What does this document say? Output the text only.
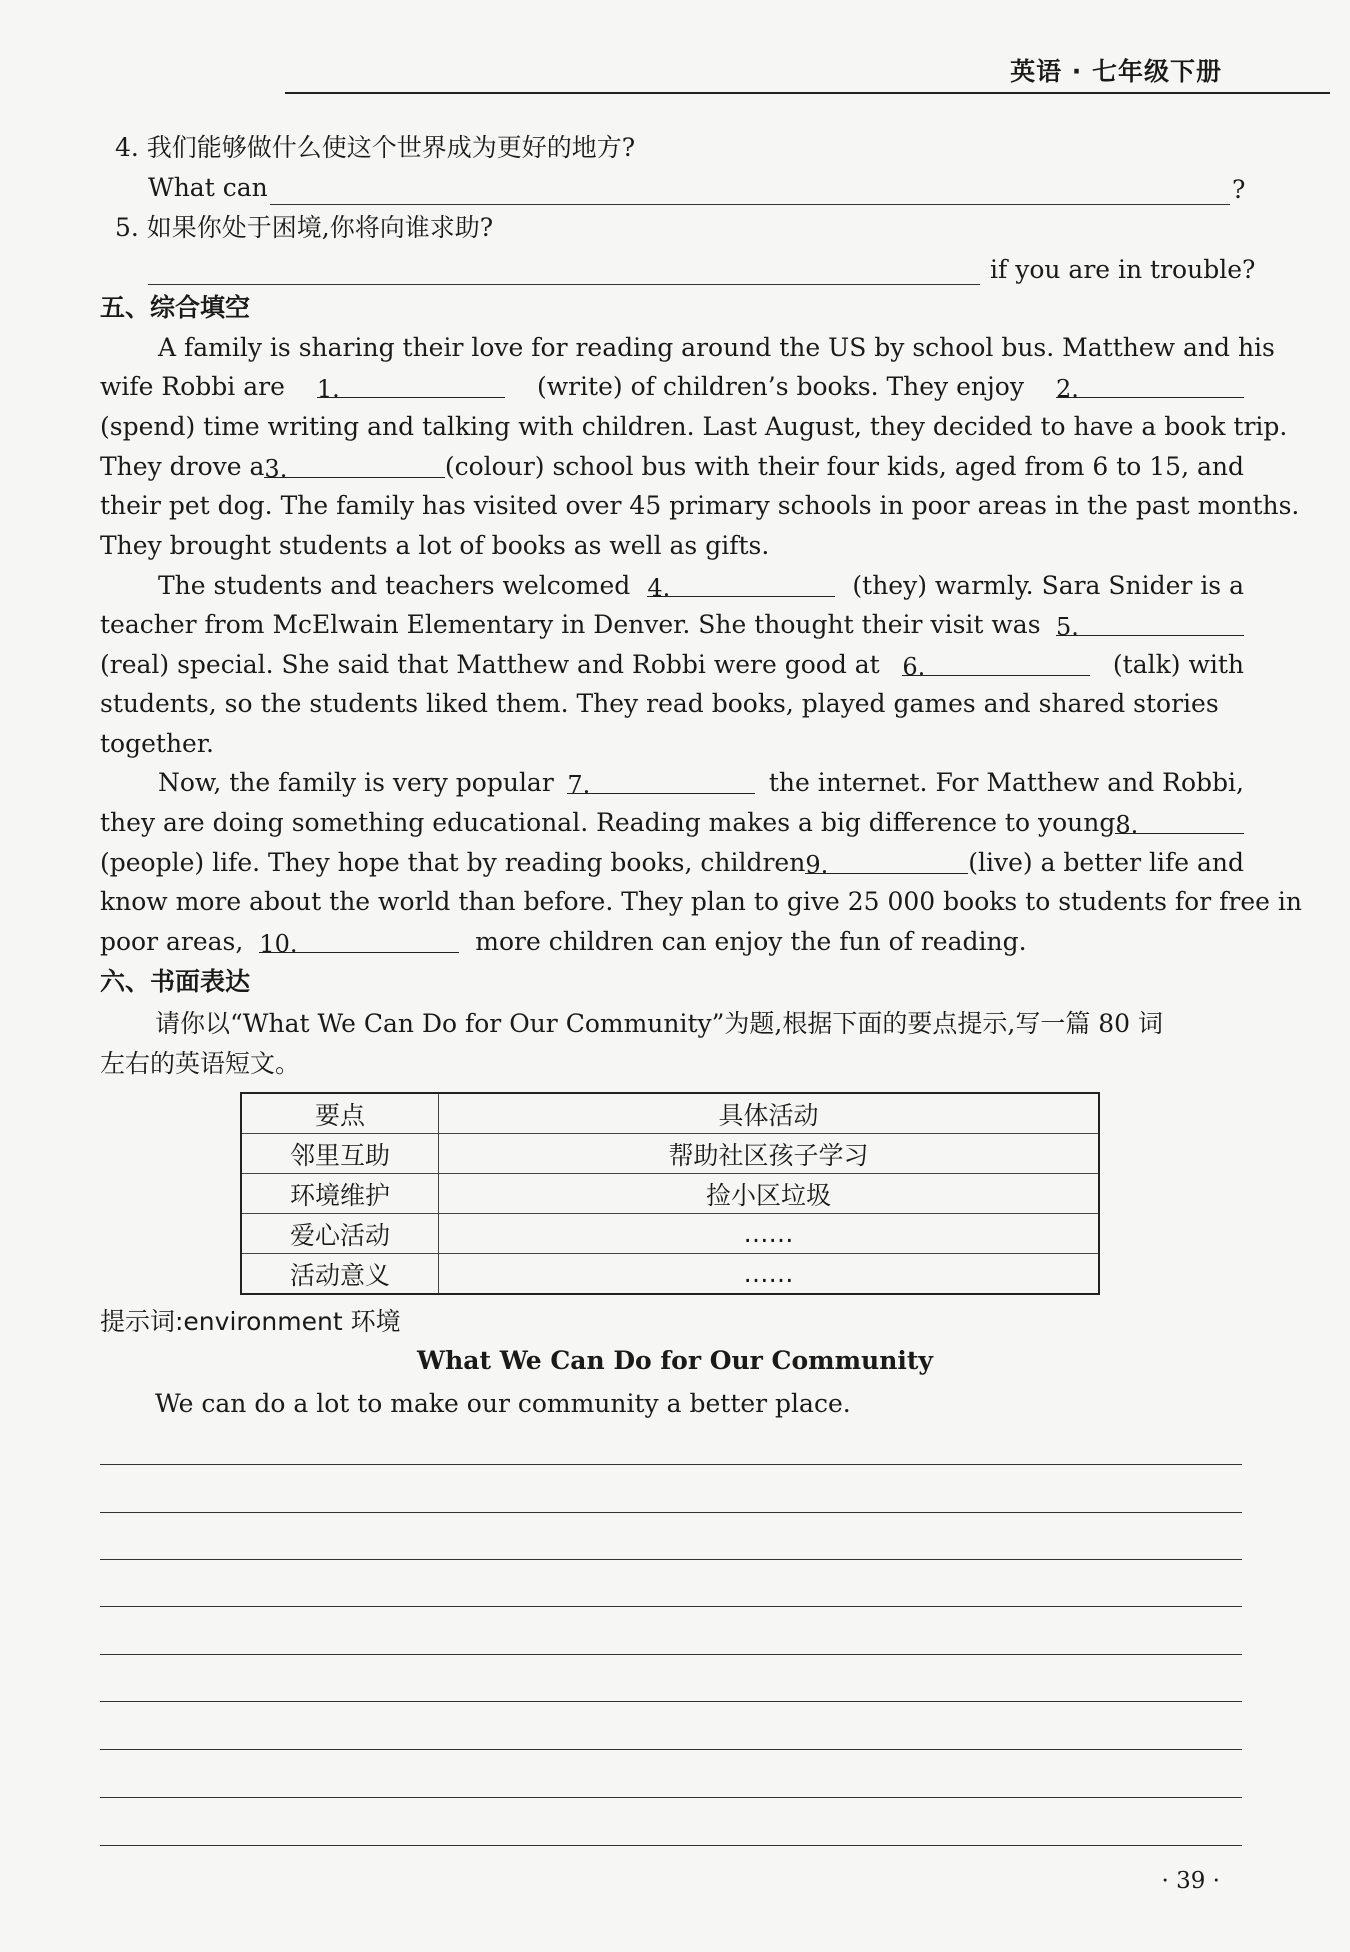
英语 · 七年级下册
4. 我们能够做什么使这个世界成为更好的地方?
What can	?
5. 如果你处于困境,你将向谁求助?
if you are in trouble?
五、综合填空
A family is sharing their love for reading around the US by school bus. Matthew and his
wife Robbi are 1.	(write) of children’s books. They enjoy 2.
(spend) time writing and talking with children. Last August, they decided to have a book trip.
They drove a 3.	(colour) school bus with their four kids, aged from 6 to 15, and
their pet dog. The family has visited over 45 primary schools in poor areas in the past months.
They brought students a lot of books as well as gifts.
The students and teachers welcomed 4.	(they) warmly. Sara Snider is a
teacher from McElwain Elementary in Denver. She thought their visit was 5.
(real) special. She said that Matthew and Robbi were good at 6.	(talk) with
students, so the students liked them. They read books, played games and shared stories
together.
Now, the family is very popular 7.	the internet. For Matthew and Robbi,
they are doing something educational. Reading makes a big difference to young 8.
(people) life. They hope that by reading books, children 9.	(live) a better life and
know more about the world than before. They plan to give 25 000 books to students for free in
poor areas, 10.	more children can enjoy the fun of reading.
六、书面表达
请你以“What We Can Do for Our Community”为题,根据下面的要点提示,写一篇 80 词
左右的英语短文。
要点	具体活动
邻里互助	帮助社区孩子学习
环境维护	捡小区垃圾
爱心活动	……
活动意义	……
提示词:environment 环境
What We Can Do for Our Community
We can do a lot to make our community a better place.
· 39 ·
